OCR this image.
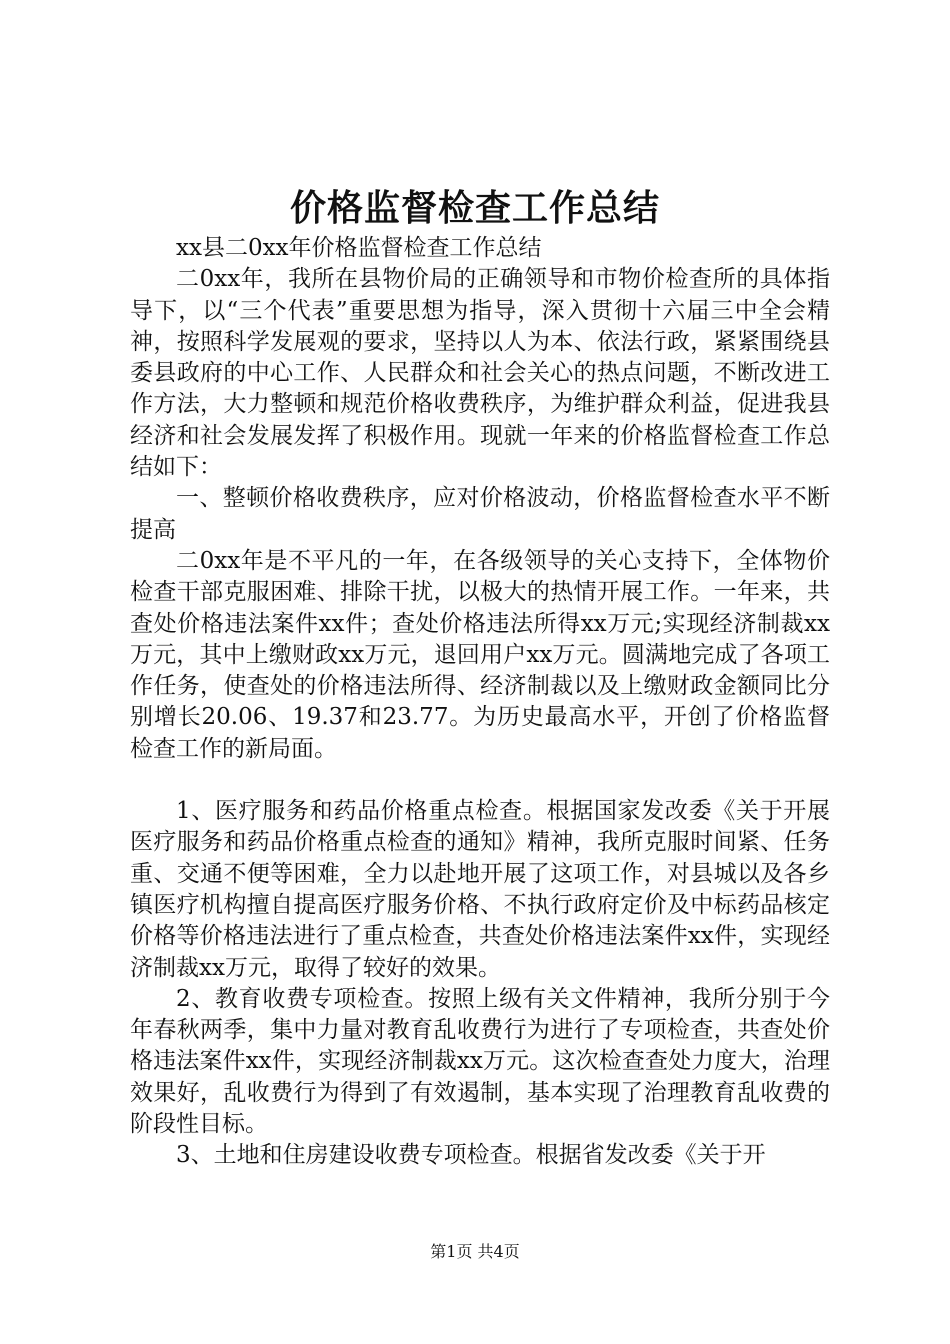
价格监督检查工作总结

xx县二0xx年价格监督检查工作总结

二0xx年，我所在县物价局的正确领导和市物价检查所的具体指导下，以“三个代表”重要思想为指导，深入贯彻十六届三中全会精神，按照科学发展观的要求，坚持以人为本、依法行政，紧紧围绕县委县政府的中心工作、人民群众和社会关心的热点问题，不断改进工作方法，大力整顿和规范价格收费秩序，为维护群众利益，促进我县经济和社会发展发挥了积极作用。现就一年来的价格监督检查工作总结如下：

一、整顿价格收费秩序，应对价格波动，价格监督检查水平不断提高

二0xx年是不平凡的一年，在各级领导的关心支持下，全体物价检查干部克服困难、排除干扰，以极大的热情开展工作。一年来，共查处价格违法案件xx件；查处价格违法所得xx万元;实现经济制裁xx万元，其中上缴财政xx万元，退回用户xx万元。圆满地完成了各项工作任务，使查处的价格违法所得、经济制裁以及上缴财政金额同比分别增长20.06、19.37和23.77。为历史最高水平，开创了价格监督检查工作的新局面。

1、医疗服务和药品价格重点检查。根据国家发改委《关于开展医疗服务和药品价格重点检查的通知》精神，我所克服时间紧、任务重、交通不便等困难，全力以赴地开展了这项工作，对县城以及各乡镇医疗机构擅自提高医疗服务价格、不执行政府定价及中标药品核定价格等价格违法进行了重点检查，共查处价格违法案件xx件，实现经济制裁xx万元，取得了较好的效果。

2、教育收费专项检查。按照上级有关文件精神，我所分别于今年春秋两季，集中力量对教育乱收费行为进行了专项检查，共查处价格违法案件xx件，实现经济制裁xx万元。这次检查查处力度大，治理效果好，乱收费行为得到了有效遏制，基本实现了治理教育乱收费的阶段性目标。

3、土地和住房建设收费专项检查。根据省发改委《关于开

第1页 共4页
